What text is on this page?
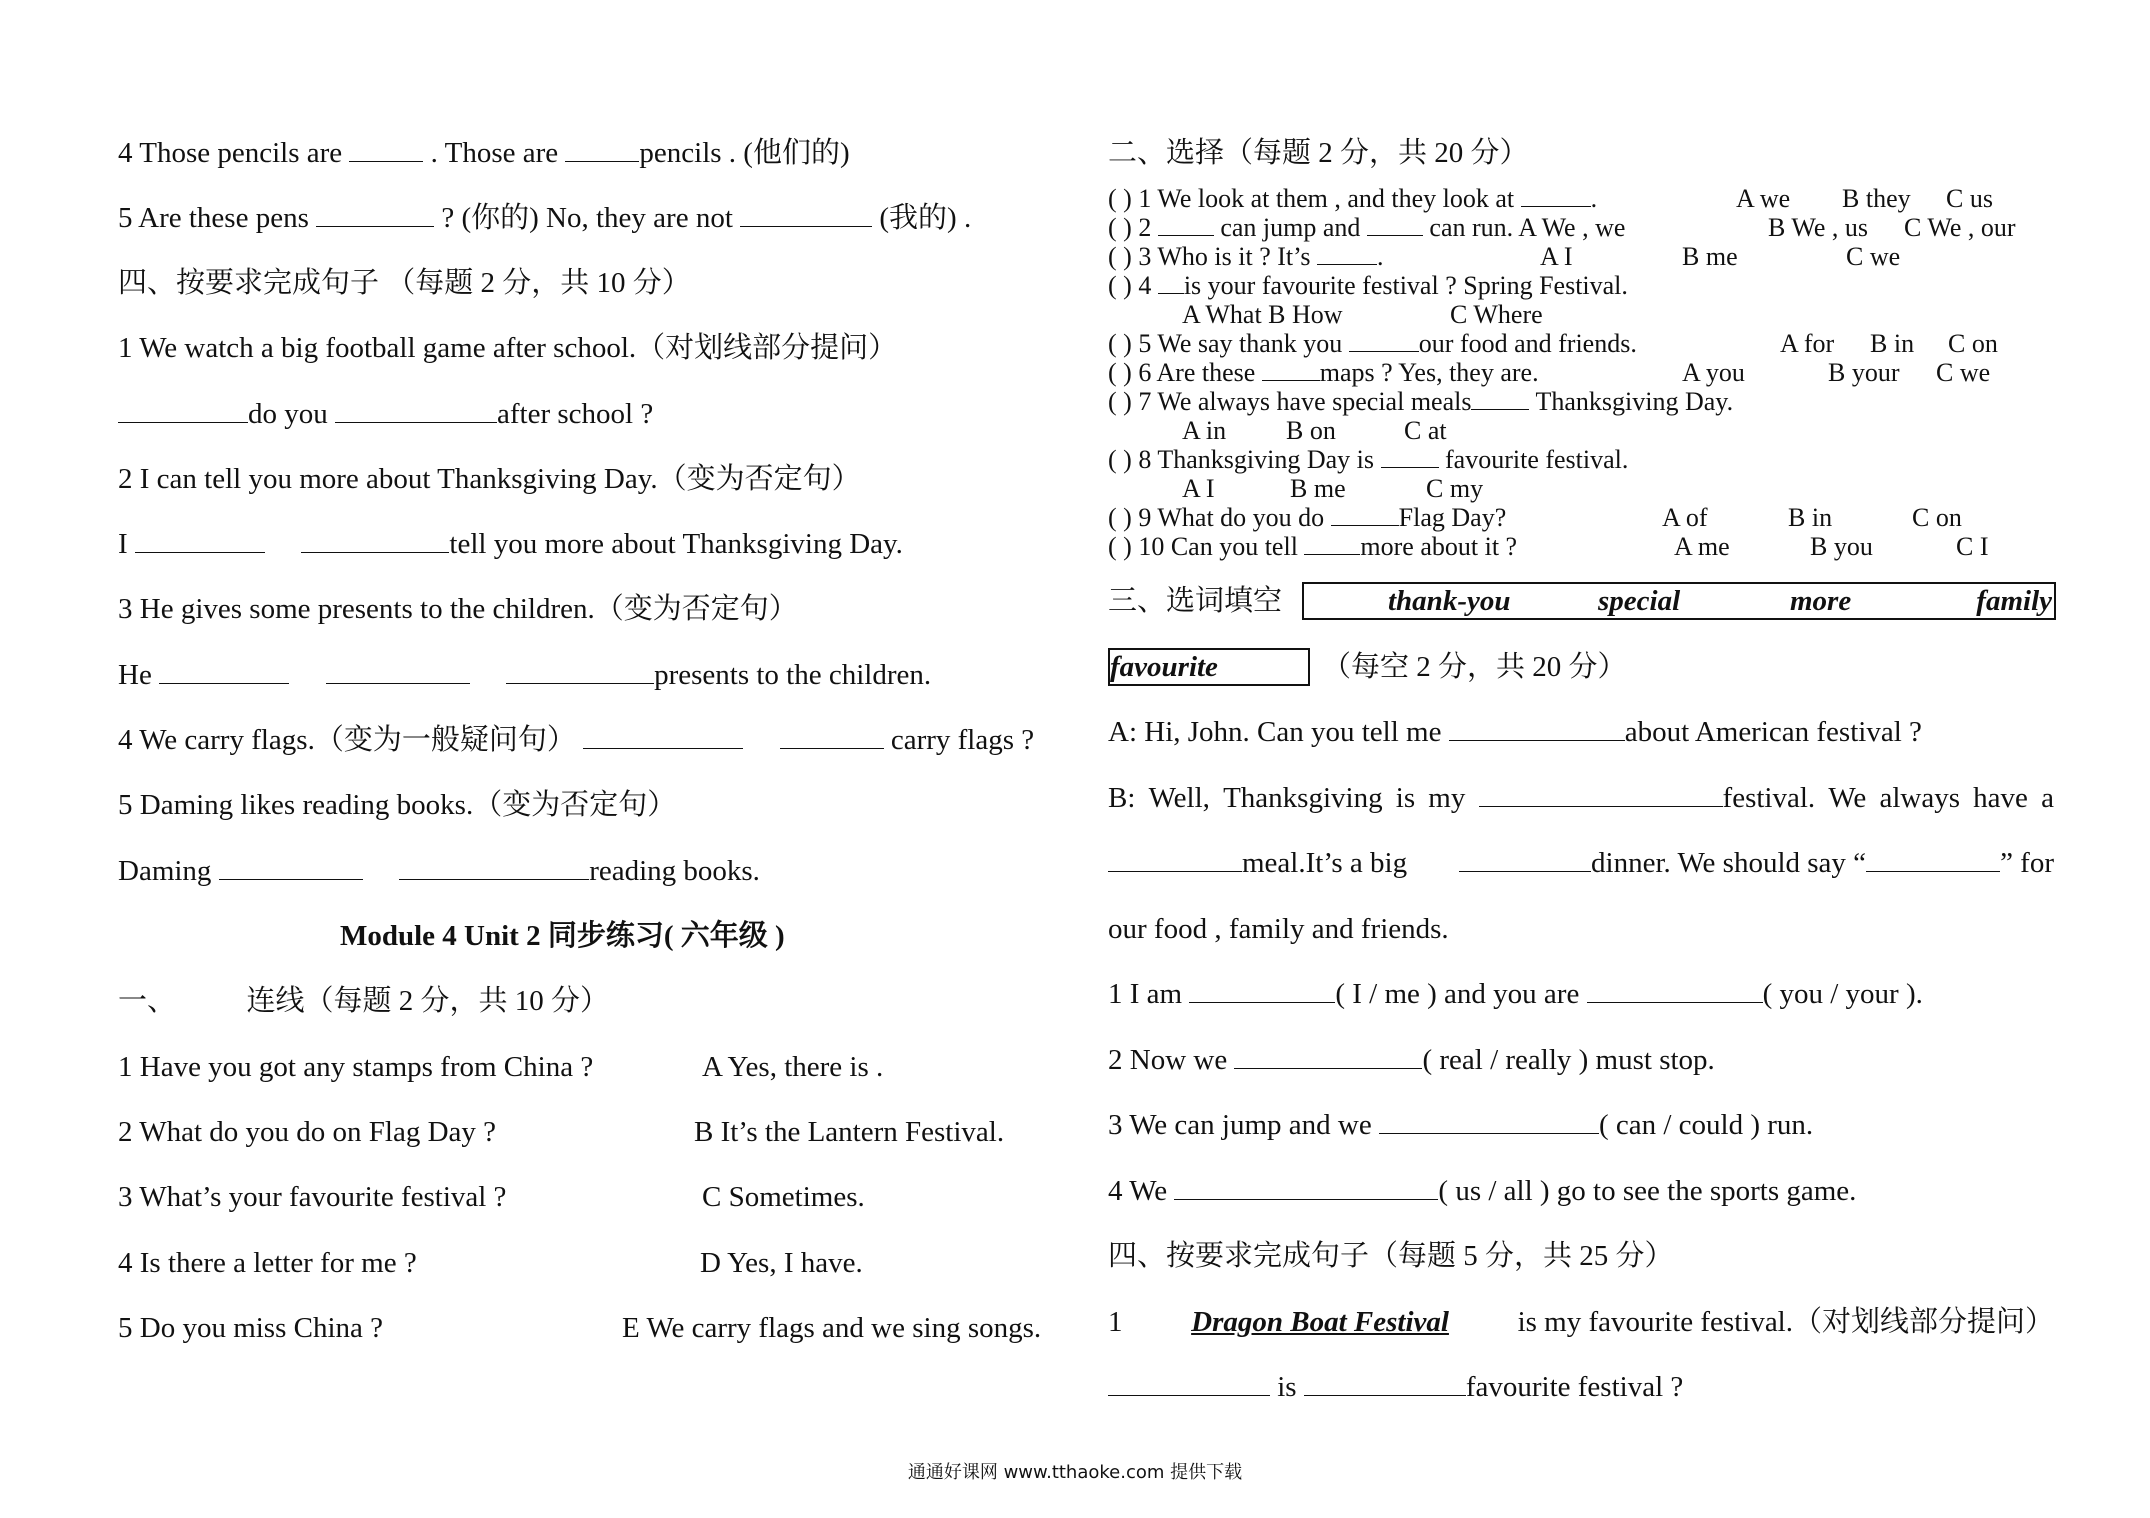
4 Those pencils are	. Those are	pencils . (他们的)
5 Are these pens	? (你的) No, they are not	(我的) .
四、按要求完成句子 （每题 2 分，共 10 分）
1 We watch a big football game after school.（对划线部分提问）
do you	after school ?
2 I can tell you more about Thanksgiving Day.（变为否定句）
I	tell you more about Thanksgiving Day.
3 He gives some presents to the children.（变为否定句）
He	presents to the children.
4 We carry flags.（变为一般疑问句）	carry flags ?
5 Daming likes reading books.（变为否定句）
Daming	reading books.
Module 4 Unit 2 同步练习( 六年级 )
一、 连线（每题 2 分，共 10 分）
1 Have you got any stamps from China ?	A Yes, there is .
2 What do you do on Flag Day ?	B It’s the Lantern Festival.
3 What’s your favourite festival ?	C Sometimes.
4 Is there a letter for me ?	D Yes, I have.
5 Do you miss China ?	E We carry flags and we sing songs.
二、选择（每题 2 分，共 20 分）
( ) 1 We look at them , and they look at	.	A we B they C us
( ) 2	can jump and	can run. A We , we	B We , us C We , our
( ) 3 Who is it ? It’s	.	A I	B me	C we
( ) 4 is your favourite festival ? Spring Festival.
A What B How	C Where
( ) 5 We say thank you	our food and friends.	A for B in C on
( ) 6 Are these maps ? Yes, they are.	A you	B your C we
( ) 7 We always have special meals Thanksgiving Day.
A in B on	C at
( ) 8 Thanksgiving Day is	favourite festival.
A I	B me	C my
( ) 9 What do you do	Flag Day?	A of	B in	C on
( ) 10 Can you tell more about it ?	A me	B you	C I
三、选词填空	thank-you	special	more	family
favourite	（每空 2 分，共 20 分）
A: Hi, John. Can you tell me	about American festival ?
B: Well, Thanksgiving is my	festival. We always have a
meal.It’s a big	dinner. We should say “	” for
our food , family and friends.
1 I am	( I / me ) and you are	( you / your ).
2 Now we	( real / really ) must stop.
3 We can jump and we	( can / could ) run.
4 We	( us / all ) go to see the sports game.
四、按要求完成句子（每题 5 分，共 25 分）
1 Dragon Boat Festival is my favourite festival.（对划线部分提问）
is	favourite festival ?
通通好课网 www.tthaoke.com 提供下载
